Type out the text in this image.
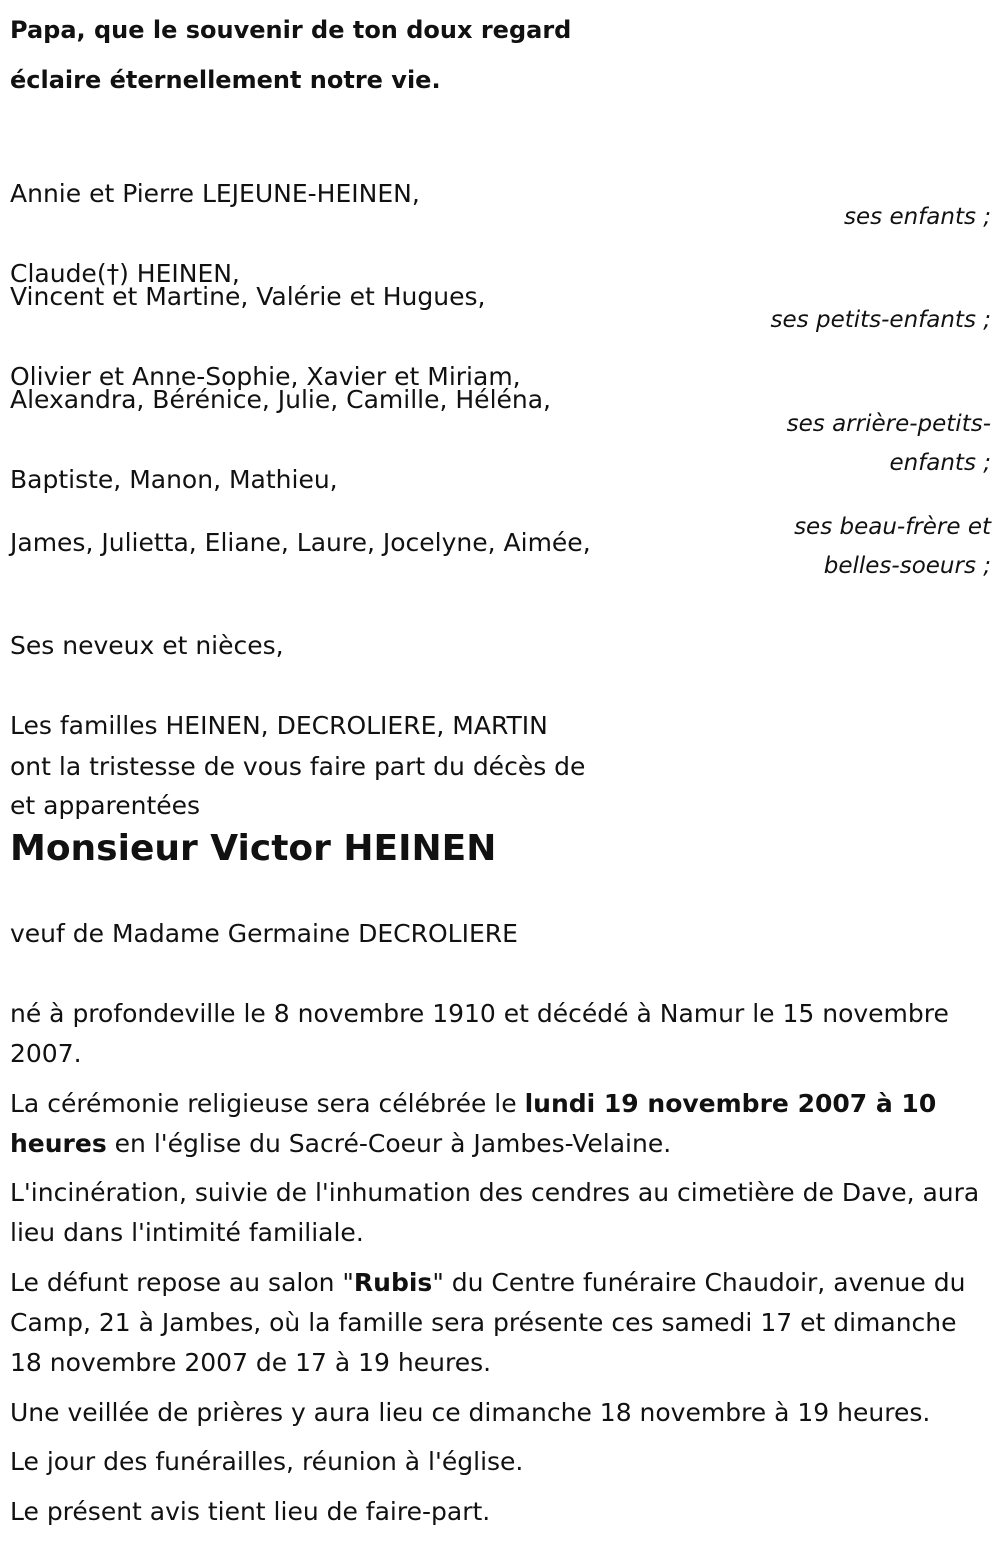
Papa, que le souvenir de ton doux regard
éclaire éternellement notre vie.

Annie et Pierre LEJEUNE-HEINEN,

Claude(†) HEINEN,

ses enfants ;

Vincent et Martine, Valérie et Hugues,

Olivier et Anne-Sophie, Xavier et Miriam,

ses petits-enfants ;

Alexandra, Bérénice, Julie, Camille, Héléna,

Baptiste, Manon, Mathieu,

ses arrière-petits-
enfants ;

James, Julietta, Eliane, Laure, Jocelyne, Aimée,

ses beau-frère et
belles-soeurs ;

Ses neveux et nièces,

Les familles HEINEN, DECROLIERE, MARTIN

et apparentées

ont la tristesse de vous faire part du décès de
Monsieur Victor HEINEN
veuf de Madame Germaine DECROLIERE
né à profondeville le 8 novembre 1910 et décédé à Namur le 15 novembre 2007.
La cérémonie religieuse sera célébrée le lundi 19 novembre 2007 à 10 heures en l'église du Sacré-Coeur à Jambes-Velaine.
L'incinération, suivie de l'inhumation des cendres au cimetière de Dave, aura lieu dans l'intimité familiale.
Le défunt repose au salon "Rubis" du Centre funéraire Chaudoir, avenue du Camp, 21 à Jambes, où la famille sera présente ces samedi 17 et dimanche 18 novembre 2007 de 17 à 19 heures.
Une veillée de prières y aura lieu ce dimanche 18 novembre à 19 heures.
Le jour des funérailles, réunion à l'église.
Le présent avis tient lieu de faire-part.
